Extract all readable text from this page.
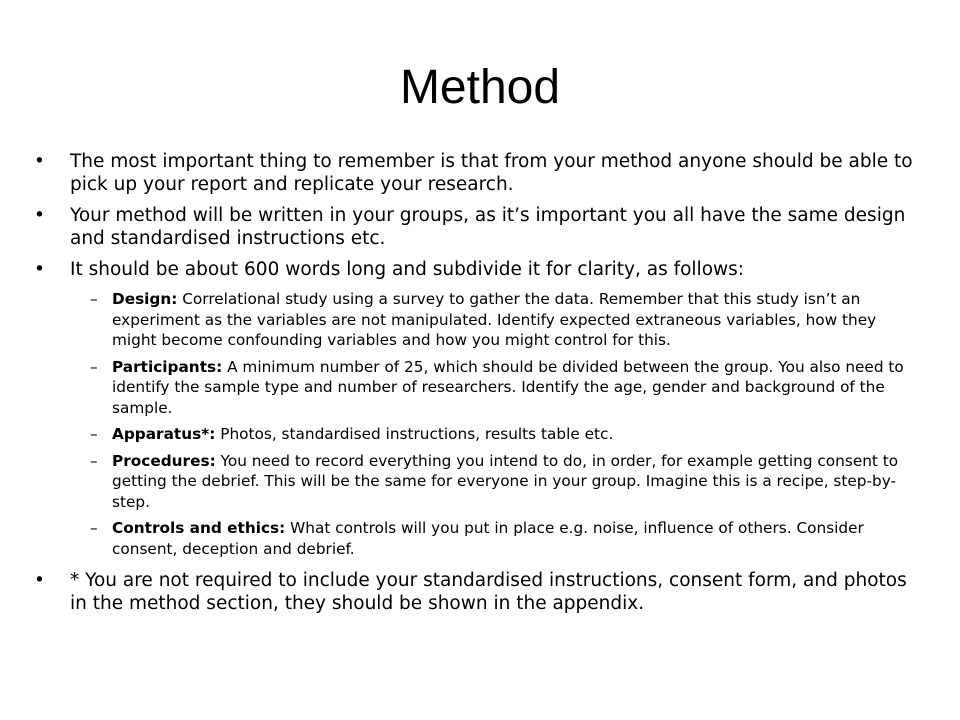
Method
• The most important thing to remember is that from your method anyone should be able to pick up your report and replicate your research.
• Your method will be written in your groups, as it’s important you all have the same design and standardised instructions etc.
• It should be about 600 words long and subdivide it for clarity, as follows:
– Design: Correlational study using a survey to gather the data. Remember that this study isn’t an experiment as the variables are not manipulated. Identify expected extraneous variables, how they might become confounding variables and how you might control for this.
– Participants: A minimum number of 25, which should be divided between the group. You also need to identify the sample type and number of researchers. Identify the age, gender and background of the sample.
– Apparatus*: Photos, standardised instructions, results table etc.
– Procedures: You need to record everything you intend to do, in order, for example getting consent to getting the debrief. This will be the same for everyone in your group. Imagine this is a recipe, step-by-step.
– Controls and ethics: What controls will you put in place e.g. noise, influence of others. Consider consent, deception and debrief.
• * You are not required to include your standardised instructions, consent form, and photos in the method section, they should be shown in the appendix.
